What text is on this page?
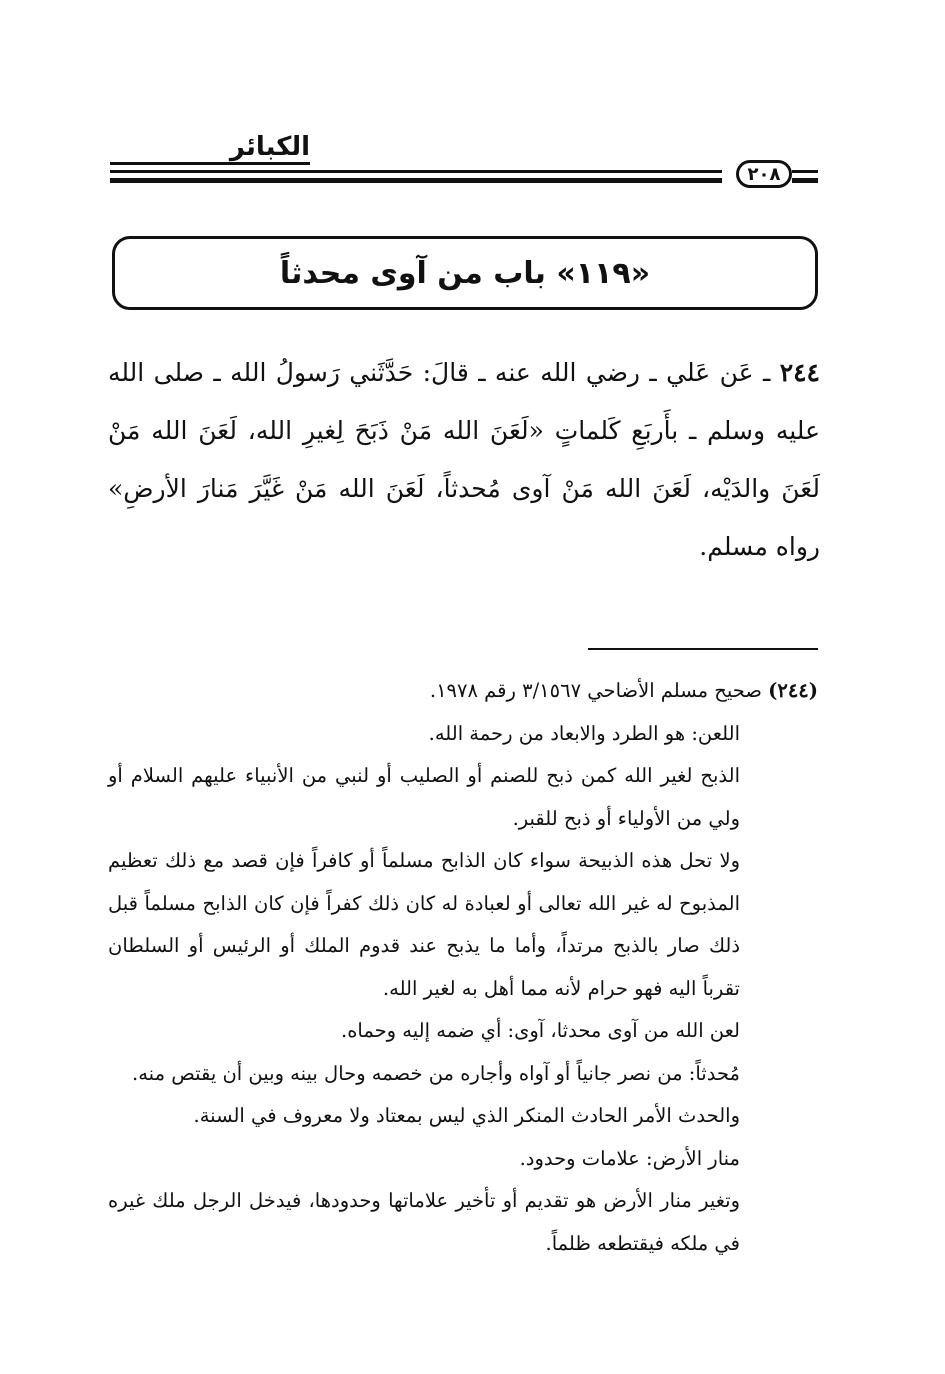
الكبائر
٢٠٨
«١١٩» باب من آوى محدثاً
٢٤٤ ـ عَن عَلي ـ رضي الله عنه ـ قالَ: حَدَّثَني رَسولُ الله ـ صلى الله عليه وسلم ـ بأَربَعِ كَلماتٍ «لَعَنَ الله مَنْ ذَبَحَ لِغيرِ الله، لَعَنَ الله مَنْ لَعَنَ والدَيْه، لَعَنَ الله مَنْ آوى مُحدثاً، لَعَنَ الله مَنْ غَيَّرَ مَنارَ الأرضِ» رواه مسلم.

(٢٤٤) صحيح مسلم الأضاحي ٣/١٥٦٧ رقم ١٩٧٨.

اللعن: هو الطرد والابعاد من رحمة الله.

الذبح لغير الله كمن ذبح للصنم أو الصليب أو لنبي من الأنبياء عليهم السلام أو ولي من الأولياء أو ذبح للقبر.

ولا تحل هذه الذبيحة سواء كان الذابح مسلماً أو كافراً فإن قصد مع ذلك تعظيم المذبوح له غير الله تعالى أو لعبادة له كان ذلك كفراً فإن كان الذابح مسلماً قبل ذلك صار بالذبح مرتداً، وأما ما يذبح عند قدوم الملك أو الرئيس أو السلطان تقرباً اليه فهو حرام لأنه مما أهل به لغير الله.

لعن الله من آوى محدثا، آوى: أي ضمه إليه وحماه.

مُحدثاً: من نصر جانياً أو آواه وأجاره من خصمه وحال بينه وبين أن يقتص منه.

والحدث الأمر الحادث المنكر الذي ليس بمعتاد ولا معروف في السنة.

منار الأرض: علامات وحدود.

وتغير منار الأرض هو تقديم أو تأخير علاماتها وحدودها، فيدخل الرجل ملك غيره في ملكه فيقتطعه ظلماً.
